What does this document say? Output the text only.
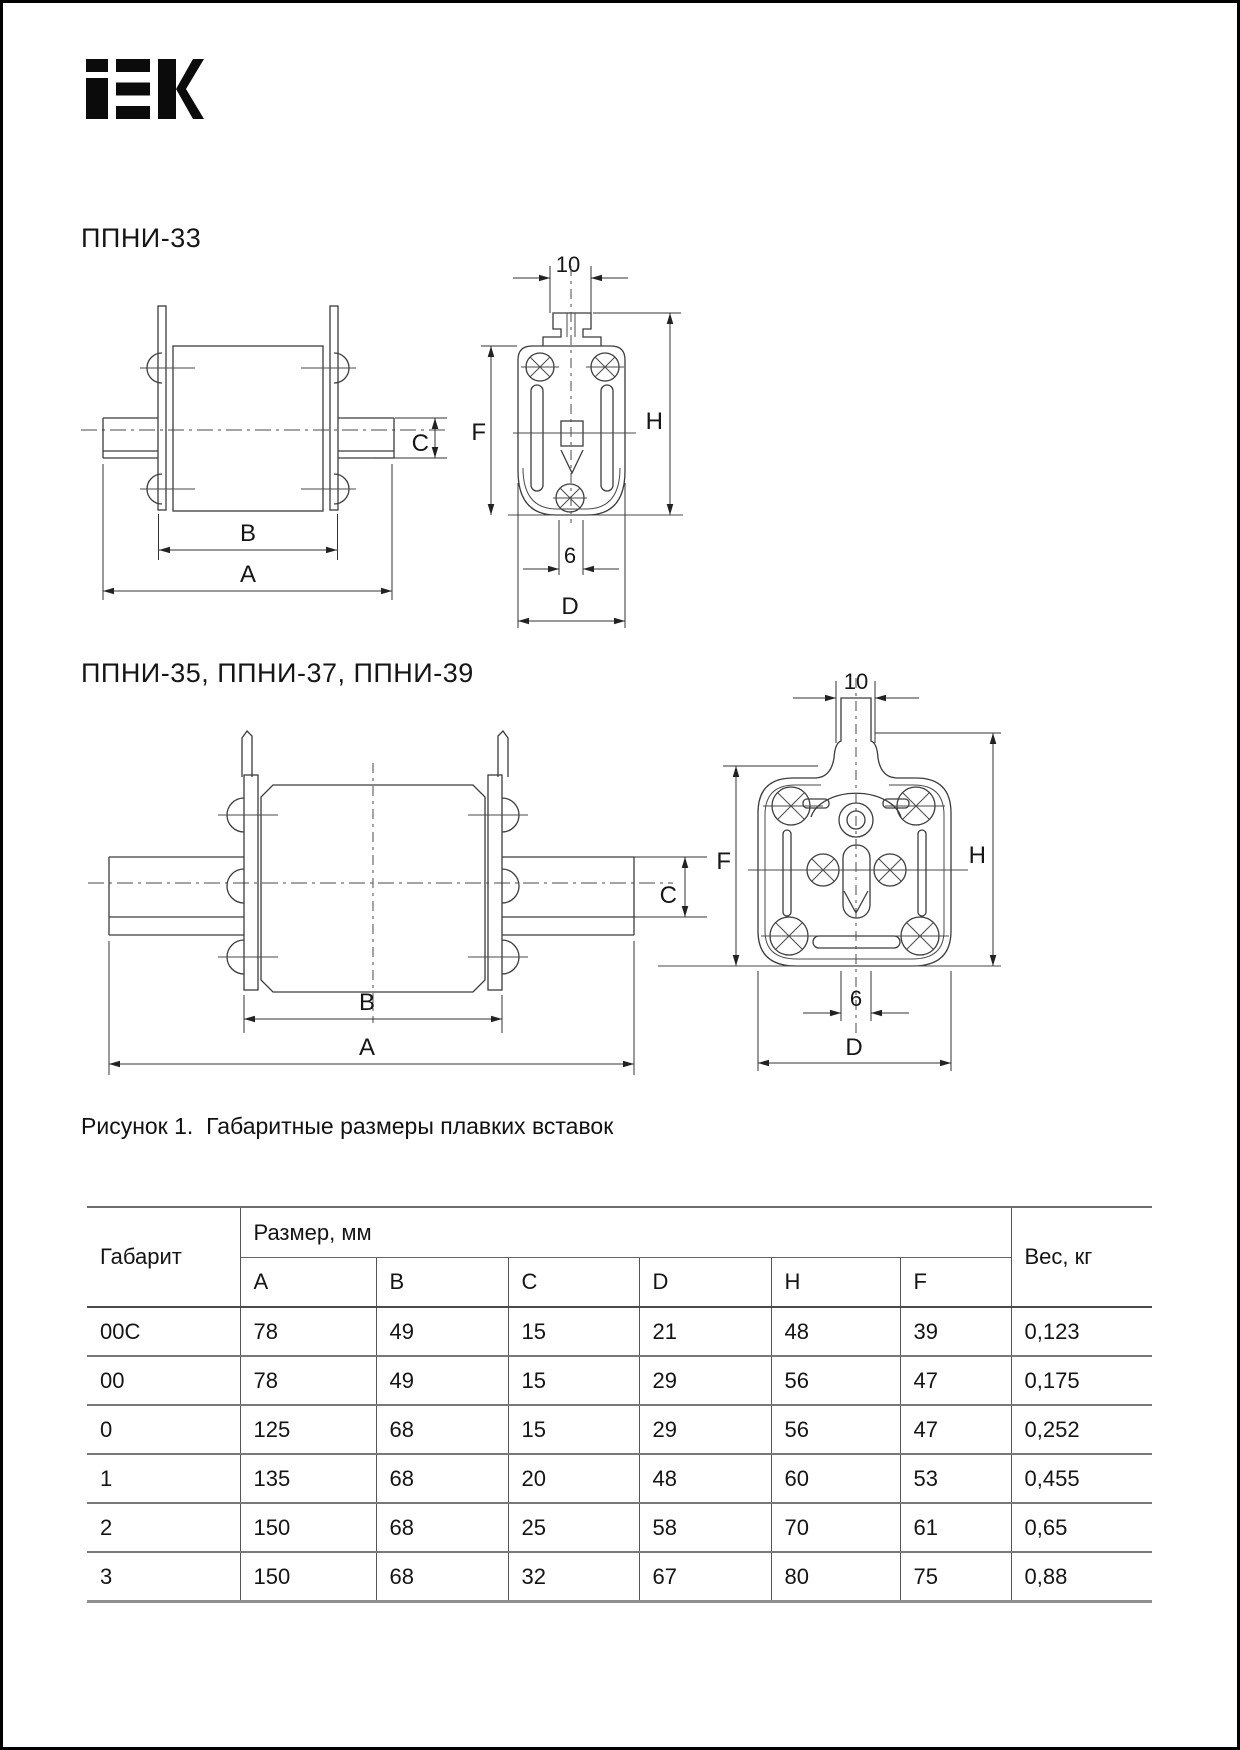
ППНИ-33
C
B
A
10
F	H
6
D
ППНИ-35, ППНИ-37, ППНИ-39
C
B
A
10
F	H
6
D
Рисунок 1.  Габаритные размеры плавких вставок
Габарит	Размер, мм						Вес, кг
	A	B	C	D	H	F	
00C	78	49	15	21	48	39	0,123
00	78	49	15	29	56	47	0,175
0	125	68	15	29	56	47	0,252
1	135	68	20	48	60	53	0,455
2	150	68	25	58	70	61	0,65
3	150	68	32	67	80	75	0,88
